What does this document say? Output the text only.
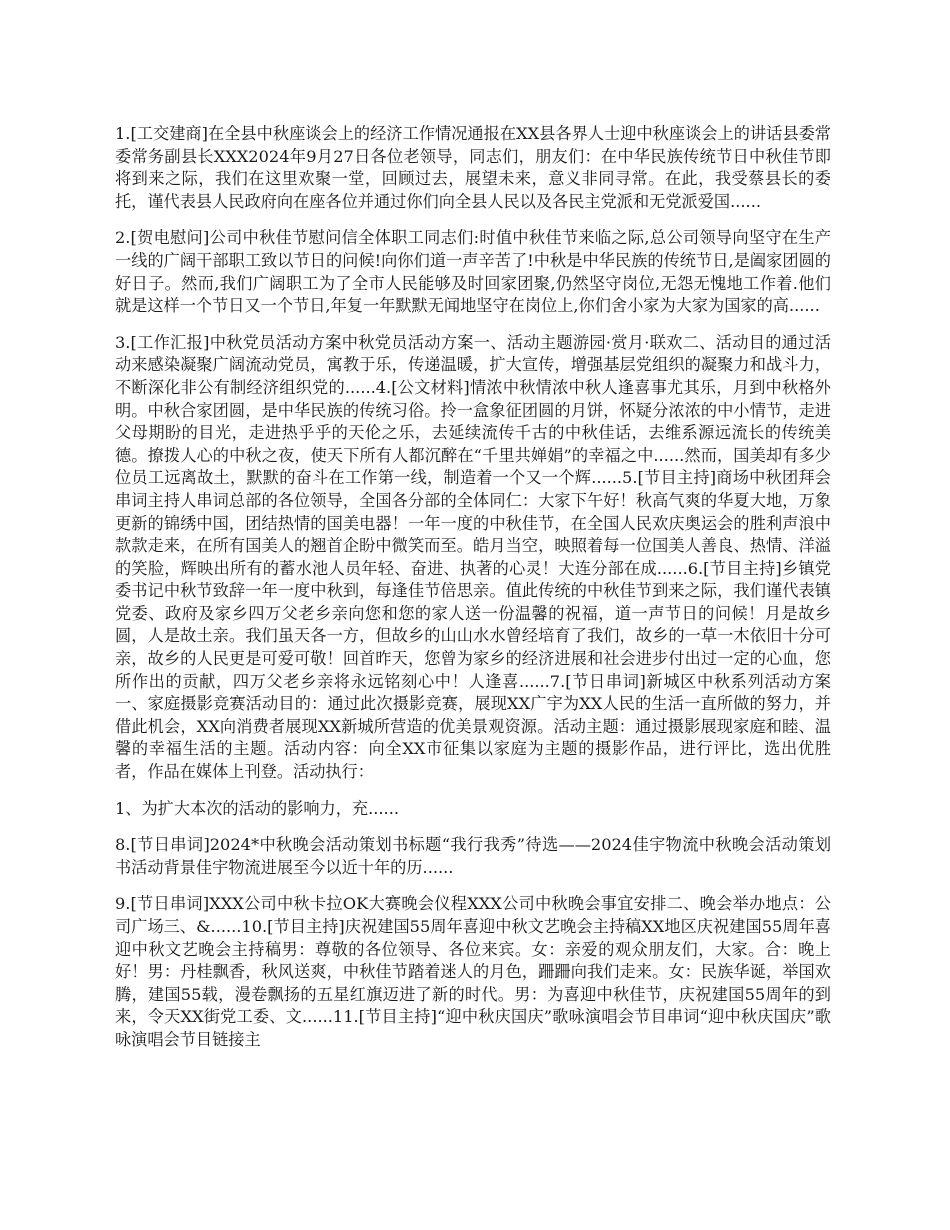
1.[工交建商]在全县中秋座谈会上的经济工作情况通报在XX县各界人士迎中秋座谈会上的讲话县委常委常务副县长XXX2024年9月27日各位老领导，同志们，朋友们：在中华民族传统节日中秋佳节即将到来之际，我们在这里欢聚一堂，回顾过去，展望未来，意义非同寻常。在此，我受蔡县长的委托，谨代表县人民政府向在座各位并通过你们向全县人民以及各民主党派和无党派爱国......

2.[贺电慰问]公司中秋佳节慰问信全体职工同志们:时值中秋佳节来临之际,总公司领导向坚守在生产一线的广阔干部职工致以节日的问候!向你们道一声辛苦了!中秋是中华民族的传统节日,是阖家团圆的好日子。然而,我们广阔职工为了全市人民能够及时回家团聚,仍然坚守岗位,无怨无愧地工作着.他们就是这样一个节日又一个节日,年复一年默默无闻地坚守在岗位上,你们舍小家为大家为国家的高......

3.[工作汇报]中秋党员活动方案中秋党员活动方案一、活动主题游园·赏月·联欢二、活动目的通过活动来感染凝聚广阔流动党员，寓教于乐，传递温暖，扩大宣传，增强基层党组织的凝聚力和战斗力，不断深化非公有制经济组织党的......4.[公文材料]情浓中秋情浓中秋人逢喜事尤其乐，月到中秋格外明。中秋合家团圆，是中华民族的传统习俗。拎一盒象征团圆的月饼，怀疑分浓浓的中小情节，走进父母期盼的目光，走进热乎乎的天伦之乐，去延续流传千古的中秋佳话，去维系源远流长的传统美德。撩拨人心的中秋之夜，使天下所有人都沉醉在“千里共婵娟”的幸福之中......然而，国美却有多少位员工远离故土，默默的奋斗在工作第一线，制造着一个又一个辉......5.[节目主持]商场中秋团拜会串词主持人串词总部的各位领导，全国各分部的全体同仁：大家下午好！秋高气爽的华夏大地，万象更新的锦绣中国，团结热情的国美电器！一年一度的中秋佳节，在全国人民欢庆奥运会的胜利声浪中款款走来，在所有国美人的翘首企盼中微笑而至。皓月当空，映照着每一位国美人善良、热情、洋溢的笑脸，辉映出所有的蓄水池人员年轻、奋进、执著的心灵！大连分部在成......6.[节目主持]乡镇党委书记中秋节致辞一年一度中秋到，每逢佳节倍思亲。值此传统的中秋佳节到来之际，我们谨代表镇党委、政府及家乡四万父老乡亲向您和您的家人送一份温馨的祝福，道一声节日的问候！月是故乡圆，人是故土亲。我们虽天各一方，但故乡的山山水水曾经培育了我们，故乡的一草一木依旧十分可亲，故乡的人民更是可爱可敬！回首昨天，您曾为家乡的经济进展和社会进步付出过一定的心血，您所作出的贡献，四万父老乡亲将永远铭刻心中！人逢喜......7.[节日串词]新城区中秋系列活动方案一、家庭摄影竞赛活动目的：通过此次摄影竞赛，展现XX广宇为XX人民的生活一直所做的努力，并借此机会，XX向消费者展现XX新城所营造的优美景观资源。活动主题：通过摄影展现家庭和睦、温馨的幸福生活的主题。活动内容：向全XX市征集以家庭为主题的摄影作品，进行评比，选出优胜者，作品在媒体上刊登。活动执行：

1、为扩大本次的活动的影响力，充......

8.[节日串词]2024*中秋晚会活动策划书标题“我行我秀”待选——2024佳宇物流中秋晚会活动策划书活动背景佳宇物流进展至今以近十年的历......

9.[节日串词]XXX公司中秋卡拉OK大赛晚会仪程XXX公司中秋晚会事宜安排二、晚会举办地点：公司广场三、&......10.[节目主持]庆祝建国55周年喜迎中秋文艺晚会主持稿XX地区庆祝建国55周年喜迎中秋文艺晚会主持稿男：尊敬的各位领导、各位来宾。女：亲爱的观众朋友们，大家。合：晚上好！男：丹桂飘香，秋风送爽，中秋佳节踏着迷人的月色，跚跚向我们走来。女：民族华诞，举国欢腾，建国55载，漫卷飘扬的五星红旗迈进了新的时代。男：为喜迎中秋佳节，庆祝建国55周年的到来，令天XX街党工委、文......11.[节目主持]“迎中秋庆国庆”歌咏演唱会节目串词“迎中秋庆国庆”歌咏演唱会节目链接主
